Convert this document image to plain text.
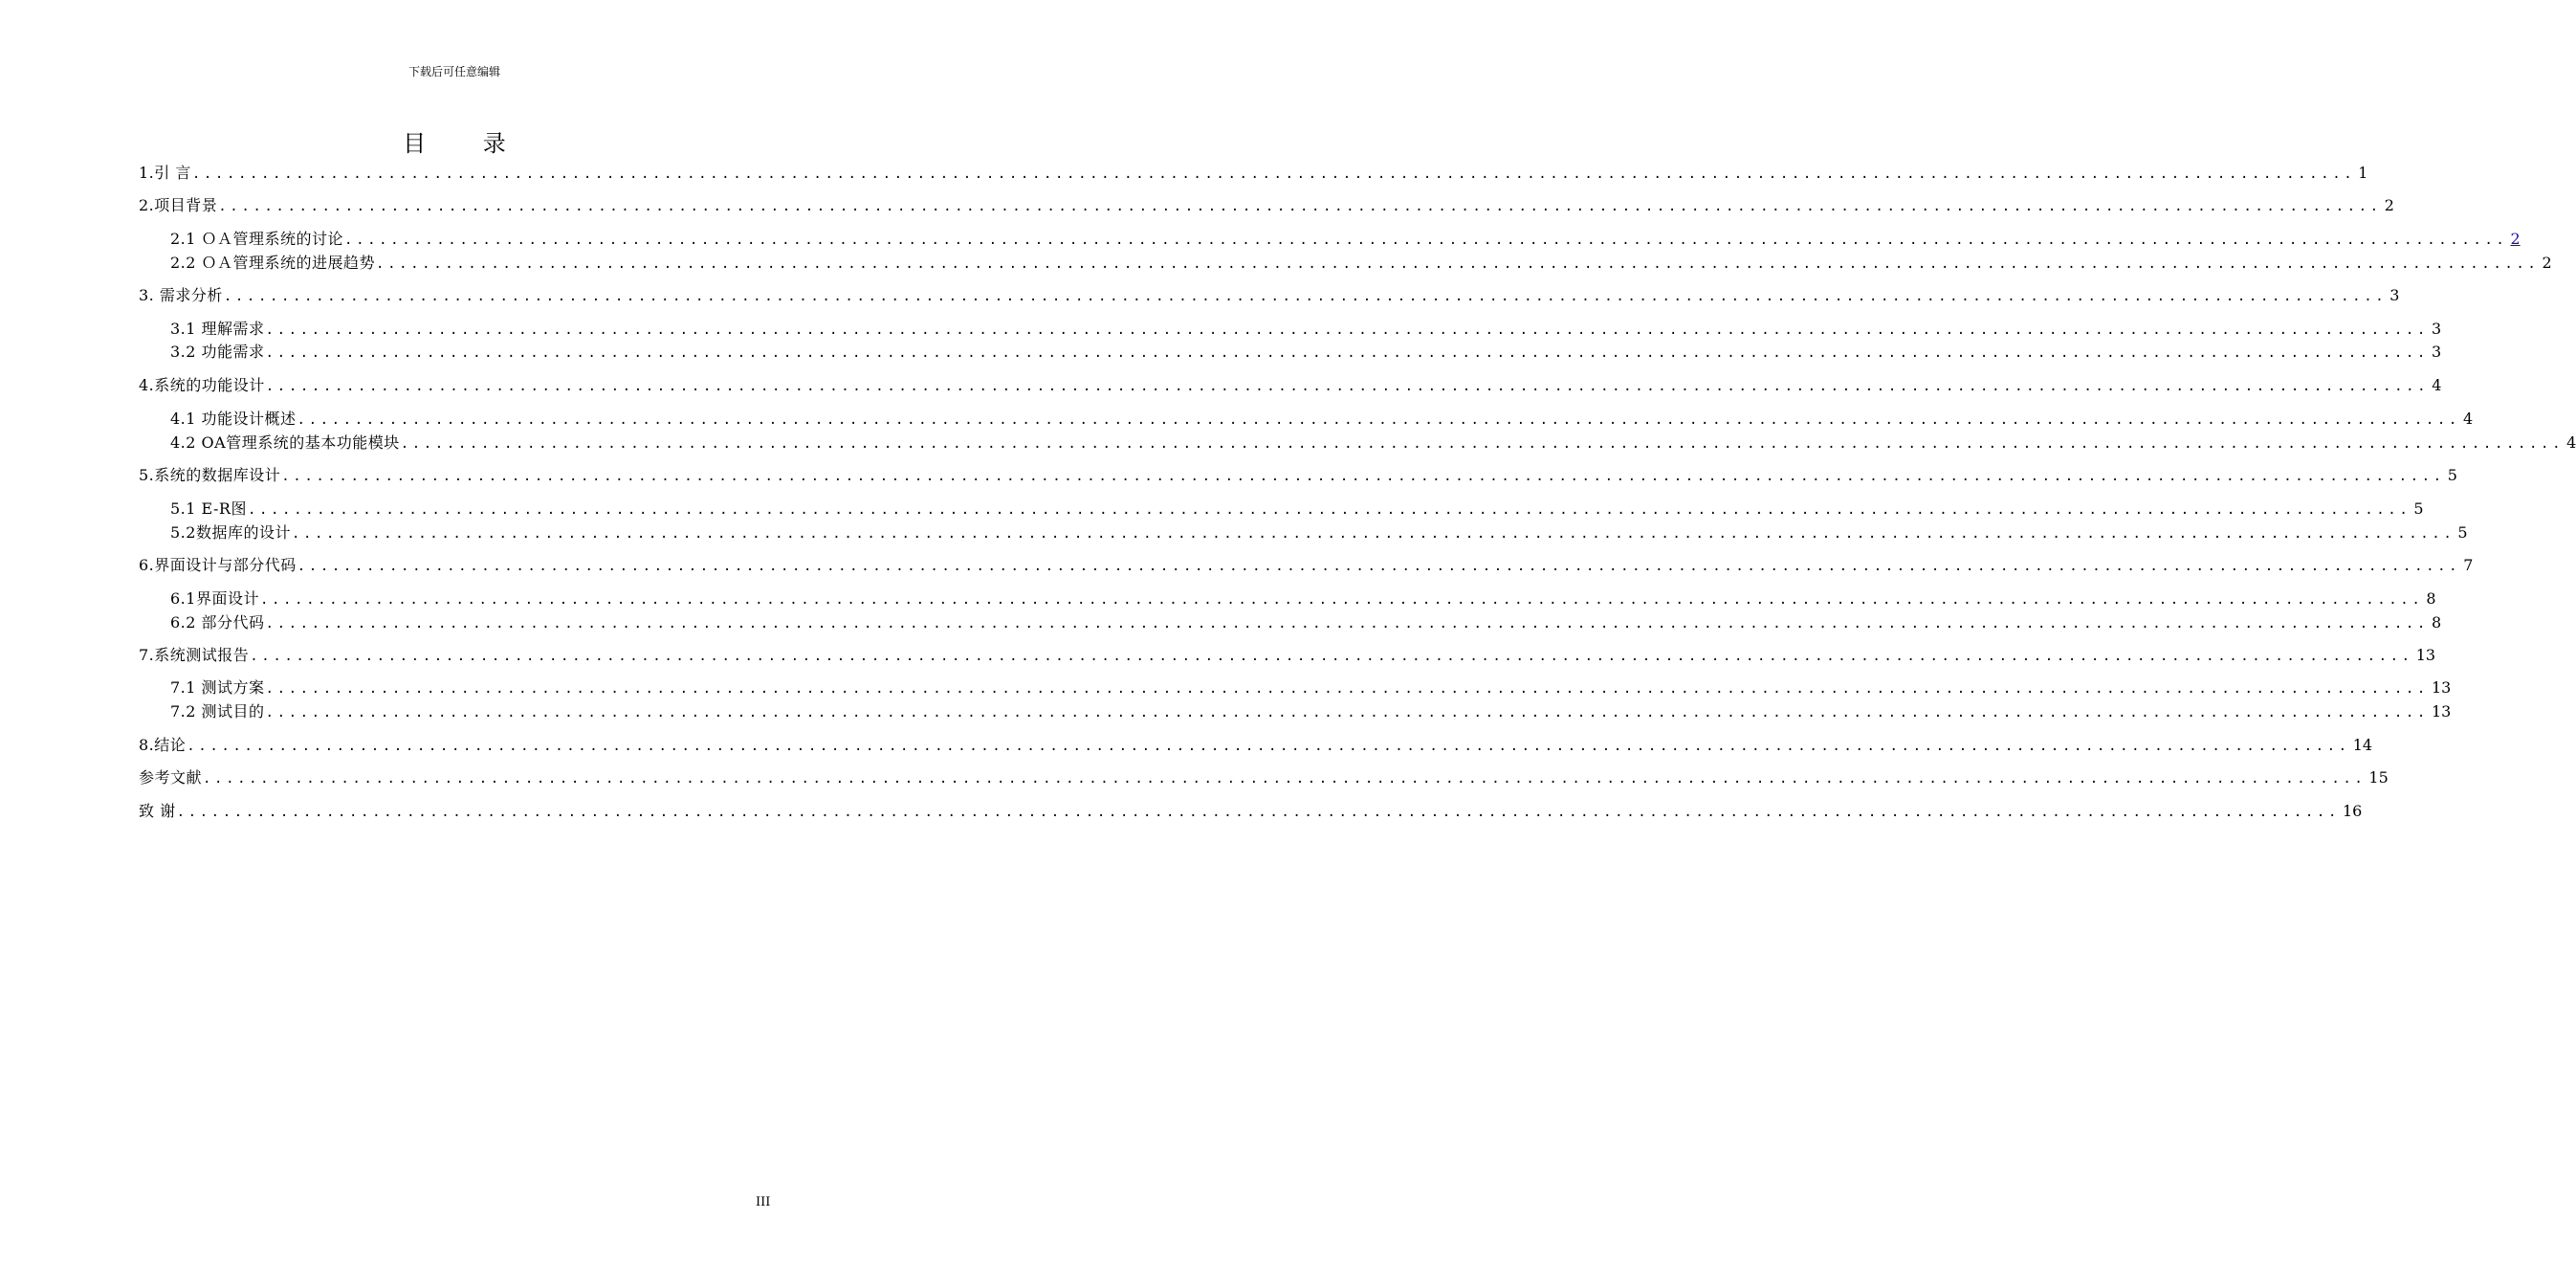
下载后可任意编辑
目 录
1.引 言 ............................................................................................................................................................................................ 1
2.项目背景 ............................................................................................................................................................................................ 2
2.1 ＯＡ管理系统的讨论 ............................................................................................................................................................................................ 2
2.2 ＯＡ管理系统的进展趋势 ............................................................................................................................................................................................ 2
3. 需求分析 ............................................................................................................................................................................................ 3
3.1 理解需求 ............................................................................................................................................................................................ 3
3.2 功能需求 ............................................................................................................................................................................................ 3
4.系统的功能设计 ............................................................................................................................................................................................ 4
4.1 功能设计概述 ............................................................................................................................................................................................ 4
4.2 OA管理系统的基本功能模块 ............................................................................................................................................................................................ 4
5.系统的数据库设计 ............................................................................................................................................................................................ 5
5.1 E-R图 ............................................................................................................................................................................................ 5
5.2数据库的设计 ............................................................................................................................................................................................ 5
6.界面设计与部分代码 ............................................................................................................................................................................................ 7
6.1界面设计 ............................................................................................................................................................................................ 8
6.2 部分代码 ............................................................................................................................................................................................ 8
7.系统测试报告 ............................................................................................................................................................................................ 13
7.1 测试方案 ............................................................................................................................................................................................ 13
7.2 测试目的 ............................................................................................................................................................................................ 13
8.结论 ............................................................................................................................................................................................ 14
参考文献 ............................................................................................................................................................................................ 15
致 谢 ............................................................................................................................................................................................ 16
III
